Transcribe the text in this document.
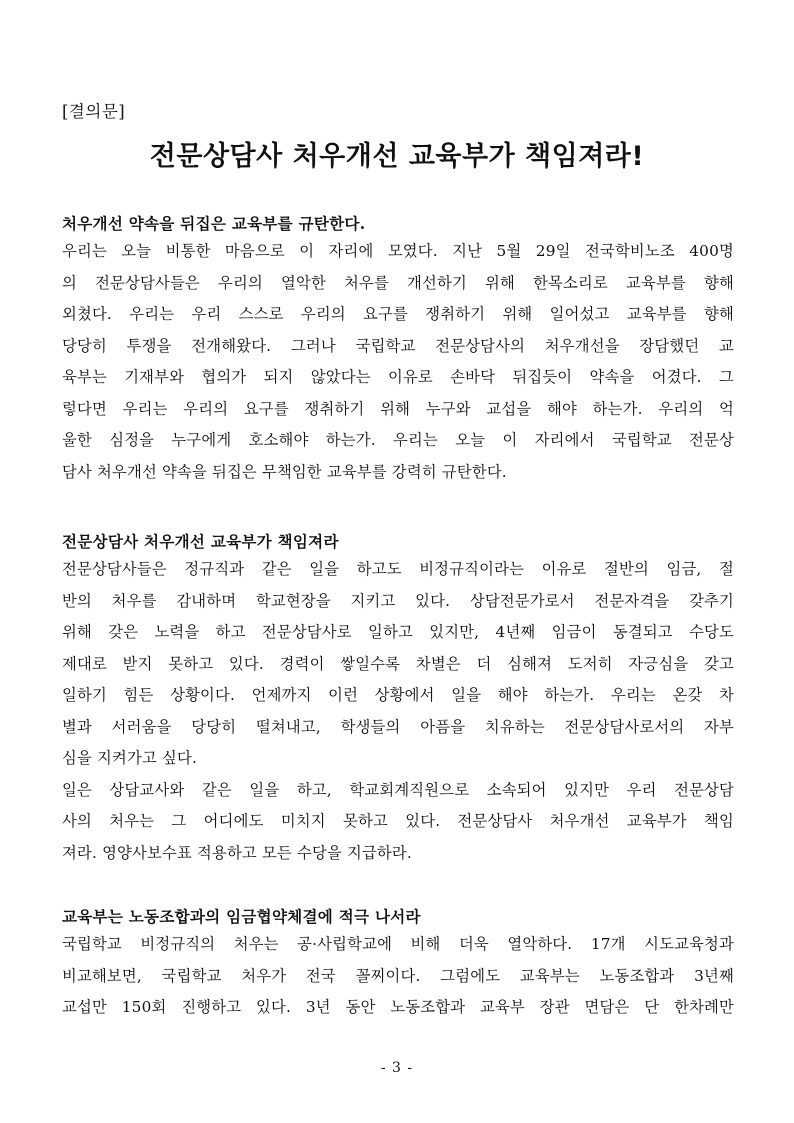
[결의문]
전문상담사 처우개선 교육부가 책임져라!
처우개선 약속을 뒤집은 교육부를 규탄한다.
우리는 오늘 비통한 마음으로 이 자리에 모였다. 지난 5월 29일 전국학비노조 400명
의 전문상담사들은 우리의 열악한 처우를 개선하기 위해 한목소리로 교육부를 향해
외쳤다. 우리는 우리 스스로 우리의 요구를 쟁취하기 위해 일어섰고 교육부를 향해
당당히 투쟁을 전개해왔다. 그러나 국립학교 전문상담사의 처우개선을 장담했던 교
육부는 기재부와 협의가 되지 않았다는 이유로 손바닥 뒤집듯이 약속을 어겼다. 그
렇다면 우리는 우리의 요구를 쟁취하기 위해 누구와 교섭을 해야 하는가. 우리의 억
울한 심정을 누구에게 호소해야 하는가. 우리는 오늘 이 자리에서 국립학교 전문상
담사 처우개선 약속을 뒤집은 무책임한 교육부를 강력히 규탄한다.
전문상담사 처우개선 교육부가 책임져라
전문상담사들은 정규직과 같은 일을 하고도 비정규직이라는 이유로 절반의 임금, 절
반의 처우를 감내하며 학교현장을 지키고 있다. 상담전문가로서 전문자격을 갖추기
위해 갖은 노력을 하고 전문상담사로 일하고 있지만, 4년째 임금이 동결되고 수당도
제대로 받지 못하고 있다. 경력이 쌓일수록 차별은 더 심해져 도저히 자긍심을 갖고
일하기 힘든 상황이다. 언제까지 이런 상황에서 일을 해야 하는가. 우리는 온갖 차
별과 서러움을 당당히 떨쳐내고, 학생들의 아픔을 치유하는 전문상담사로서의 자부
심을 지켜가고 싶다.
일은 상담교사와 같은 일을 하고, 학교회계직원으로 소속되어 있지만 우리 전문상담
사의 처우는 그 어디에도 미치지 못하고 있다. 전문상담사 처우개선 교육부가 책임
져라. 영양사보수표 적용하고 모든 수당을 지급하라.
교육부는 노동조합과의 임금협약체결에 적극 나서라
국립학교 비정규직의 처우는 공·사립학교에 비해 더욱 열악하다. 17개 시도교육청과
비교해보면, 국립학교 처우가 전국 꼴찌이다. 그럼에도 교육부는 노동조합과 3년째
교섭만 150회 진행하고 있다. 3년 동안 노동조합과 교육부 장관 면담은 단 한차례만
- 3 -
